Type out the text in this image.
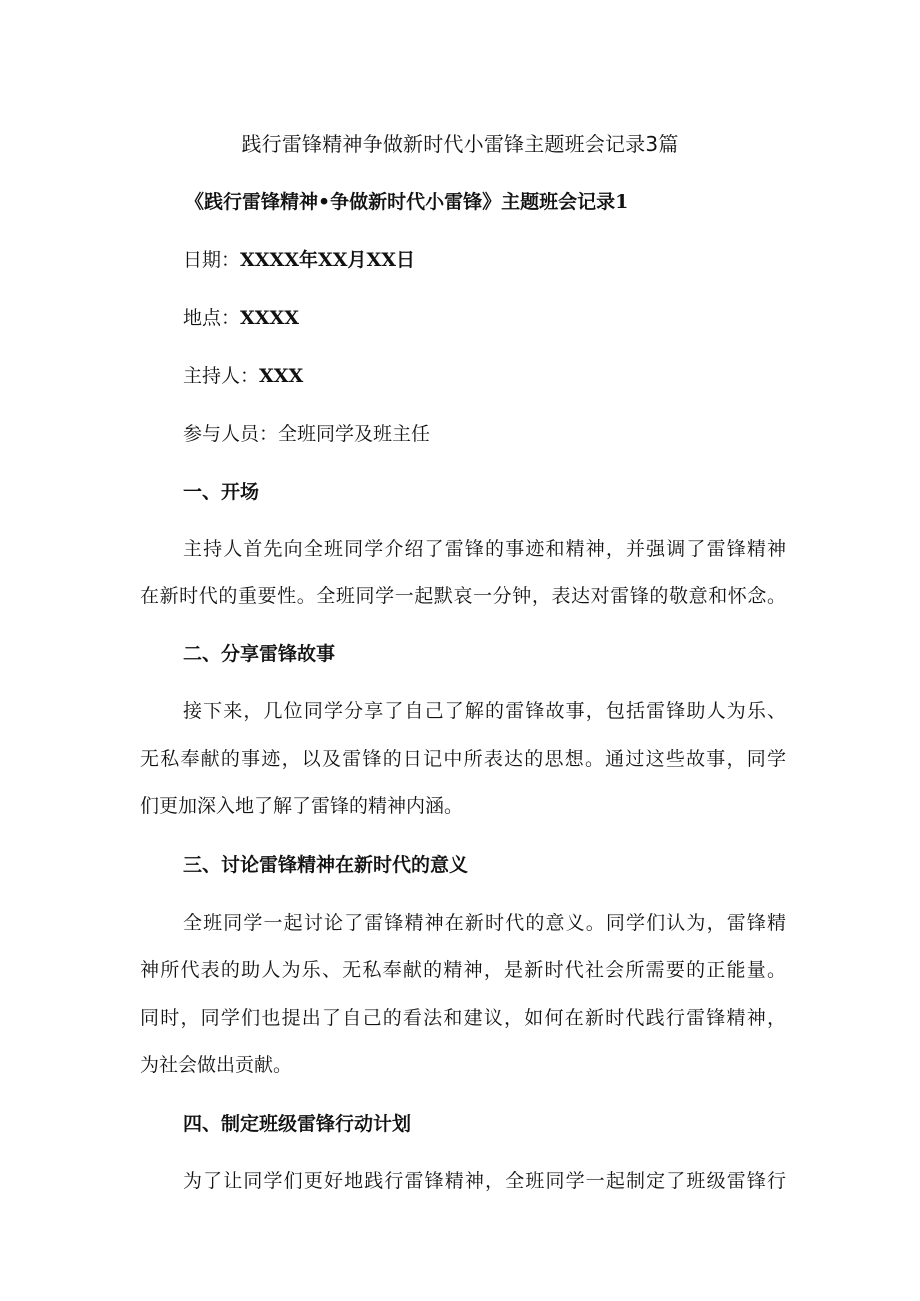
践行雷锋精神争做新时代小雷锋主题班会记录3篇
《践行雷锋精神•争做新时代小雷锋》主题班会记录1
日期：XXXX年XX月XX日
地点：XXXX
主持人：XXX
参与人员：全班同学及班主任
一、开场
主持人首先向全班同学介绍了雷锋的事迹和精神，并强调了雷锋精神
在新时代的重要性。全班同学一起默哀一分钟，表达对雷锋的敬意和怀念。
二、分享雷锋故事
接下来，几位同学分享了自己了解的雷锋故事，包括雷锋助人为乐、
无私奉献的事迹，以及雷锋的日记中所表达的思想。通过这些故事，同学
们更加深入地了解了雷锋的精神内涵。
三、讨论雷锋精神在新时代的意义
全班同学一起讨论了雷锋精神在新时代的意义。同学们认为，雷锋精
神所代表的助人为乐、无私奉献的精神，是新时代社会所需要的正能量。
同时，同学们也提出了自己的看法和建议，如何在新时代践行雷锋精神，
为社会做出贡献。
四、制定班级雷锋行动计划
为了让同学们更好地践行雷锋精神，全班同学一起制定了班级雷锋行
